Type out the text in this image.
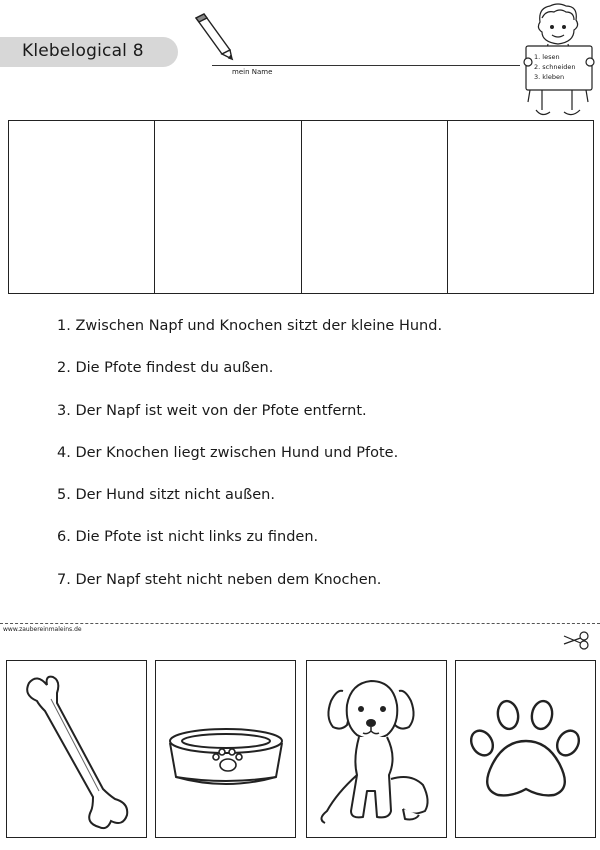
Klebelogical 8
mein Name
1. lesen
2. schneiden
3. kleben
1. Zwischen Napf und Knochen sitzt der kleine Hund.
2. Die Pfote findest du außen.
3. Der Napf ist weit von der Pfote entfernt.
4. Der Knochen liegt zwischen Hund und Pfote.
5. Der Hund sitzt nicht außen.
6. Die Pfote ist nicht links zu finden.
7. Der Napf steht nicht neben dem Knochen.
www.zaubereinmaleins.de
